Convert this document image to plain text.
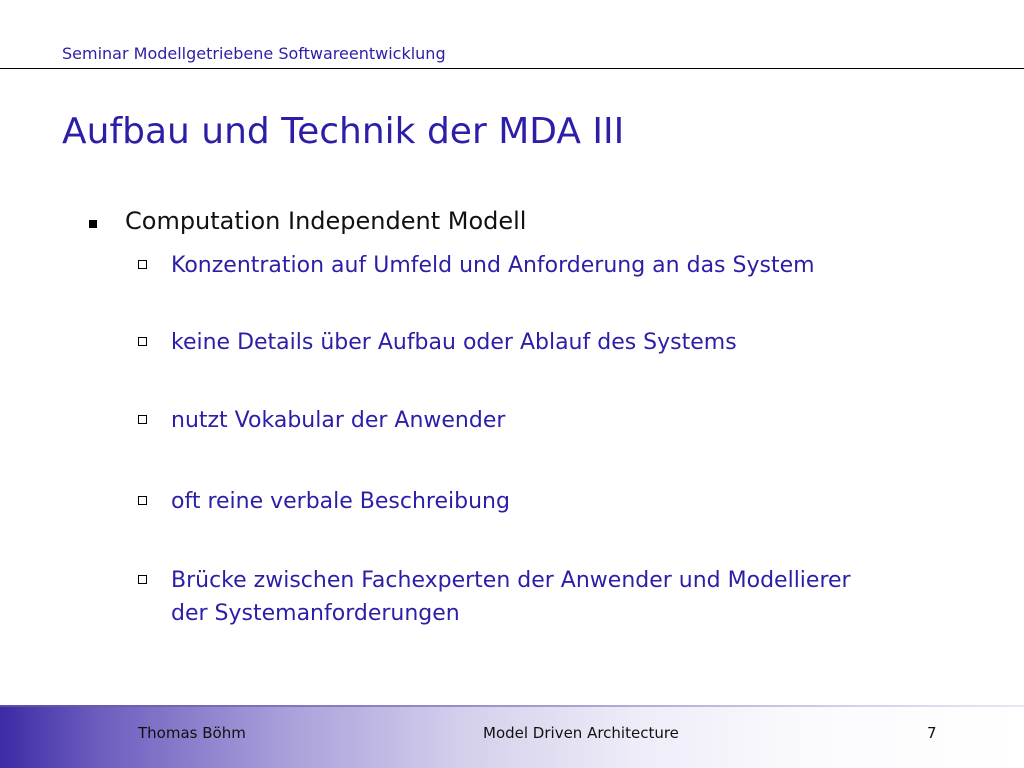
Seminar Modellgetriebene Softwareentwicklung
Aufbau und Technik der MDA III
Computation Independent Modell
Konzentration auf Umfeld und Anforderung an das System
keine Details über Aufbau oder Ablauf des Systems
nutzt Vokabular der Anwender
oft reine verbale Beschreibung
Brücke zwischen Fachexperten der Anwender und Modellierer der Systemanforderungen
Thomas Böhm	Model Driven Architecture	7
